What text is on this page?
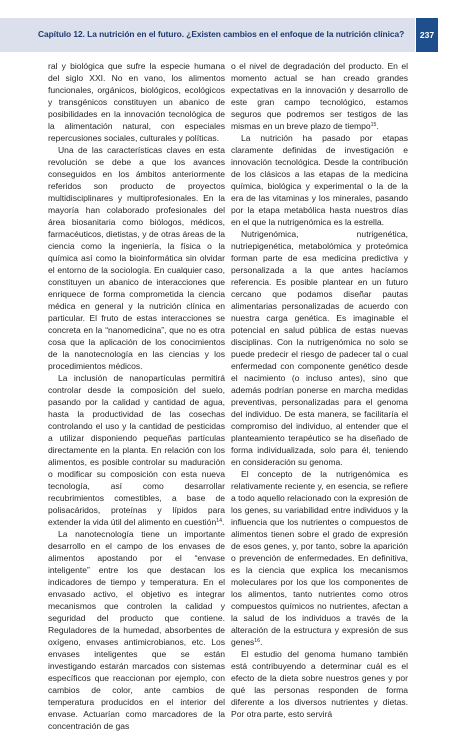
Capítulo 12. La nutrición en el futuro. ¿Existen cambios en el enfoque de la nutrición clínica?	237

ral y biológica que sufre la especie humana del siglo XXI. No en vano, los alimentos funcionales, orgánicos, biológicos, ecológicos y transgénicos constituyen un abanico de posibilidades en la innovación tecnológica de la alimentación natural, con especiales repercusiones sociales, culturales y políticas.

Una de las características claves en esta revolución se debe a que los avances conseguidos en los ámbitos anteriormente referidos son producto de proyectos multidisciplinares y multiprofesionales. En la mayoría han colaborado profesionales del área biosanitaria como biólogos, médicos, farmacéuticos, dietistas, y de otras áreas de la ciencia como la ingeniería, la física o la química así como la bioinformática sin olvidar el entorno de la sociología. En cualquier caso, constituyen un abanico de interacciones que enriquece de forma comprometida la ciencia médica en general y la nutrición clínica en particular. El fruto de estas interacciones se concreta en la “nanomedicina”, que no es otra cosa que la aplicación de los conocimientos de la nanotecnología en las ciencias y los procedimientos médicos.

La inclusión de nanopartículas permitirá controlar desde la composición del suelo, pasando por la calidad y cantidad de agua, hasta la productividad de las cosechas controlando el uso y la cantidad de pesticidas a utilizar disponiendo pequeñas partículas directamente en la planta. En relación con los alimentos, es posible controlar su maduración o modificar su composición con esta nueva tecnología, así como desarrollar recubrimientos comestibles, a base de polisacáridos, proteínas y lípidos para extender la vida útil del alimento en cuestión$^{14}$.

La nanotecnología tiene un importante desarrollo en el campo de los envases de alimentos apostando por el “envase inteligente” entre los que destacan los indicadores de tiempo y temperatura. En el envasado activo, el objetivo es integrar mecanismos que controlen la calidad y seguridad del producto que contiene. Reguladores de la humedad, absorbentes de oxígeno, envases antimicrobianos, etc. Los envases inteligentes que se están investigando estarán marcados con sistemas específicos que reaccionan por ejemplo, con cambios de color, ante cambios de temperatura producidos en el interior del envase. Actuarían como marcadores de la concentración de gas

o el nivel de degradación del producto. En el momento actual se han creado grandes expectativas en la innovación y desarrollo de este gran campo tecnológico, estamos seguros que podremos ser testigos de las mismas en un breve plazo de tiempo$^{15}$.

La nutrición ha pasado por etapas claramente definidas de investigación e innovación tecnológica. Desde la contribución de los clásicos a las etapas de la medicina química, biológica y experimental o la de la era de las vitaminas y los minerales, pasando por la etapa metabólica hasta nuestros días en el que la nutrigenómica es la estrella.

Nutrigenómica, nutrigenética, nutriepigenética, metabolómica y proteómica forman parte de esa medicina predictiva y personalizada a la que antes hacíamos referencia. Es posible plantear en un futuro cercano que podamos diseñar pautas alimentarias personalizadas de acuerdo con nuestra carga genética. Es imaginable el potencial en salud pública de estas nuevas disciplinas. Con la nutrigenómica no solo se puede predecir el riesgo de padecer tal o cual enfermedad con componente genético desde el nacimiento (o incluso antes), sino que además podrían ponerse en marcha medidas preventivas, personalizadas para el genoma del individuo. De esta manera, se facilitaría el compromiso del individuo, al entender que el planteamiento terapéutico se ha diseñado de forma individualizada, solo para él, teniendo en consideración su genoma.

El concepto de la nutrigenómica es relativamente reciente y, en esencia, se refiere a todo aquello relacionado con la expresión de los genes, su variabilidad entre individuos y la influencia que los nutrientes o compuestos de alimentos tienen sobre el grado de expresión de esos genes, y, por tanto, sobre la aparición o prevención de enfermedades. En definitiva, es la ciencia que explica los mecanismos moleculares por los que los componentes de los alimentos, tanto nutrientes como otros compuestos químicos no nutrientes, afectan a la salud de los individuos a través de la alteración de la estructura y expresión de sus genes$^{16}$.

El estudio del genoma humano también está contribuyendo a determinar cuál es el efecto de la dieta sobre nuestros genes y por qué las personas responden de forma diferente a los diversos nutrientes y dietas. Por otra parte, esto servirá
